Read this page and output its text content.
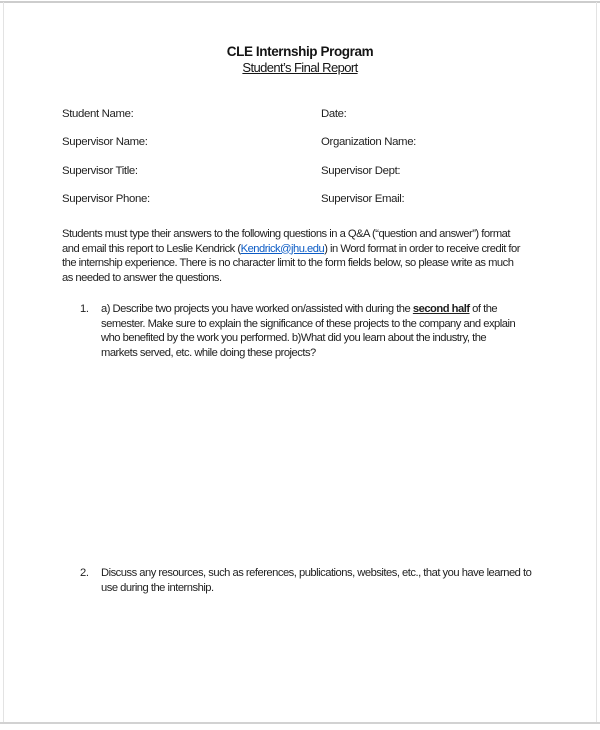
CLE Internship Program
Student’s Final Report
Student Name:	Date:
Supervisor Name:	Organization Name:
Supervisor Title:	Supervisor Dept:
Supervisor Phone:	Supervisor Email:
Students must type their answers to the following questions in a Q&A (“question and answer”) format
and email this report to Leslie Kendrick (Kendrick@jhu.edu) in Word format in order to receive credit for
the internship experience. There is no character limit to the form fields below, so please write as much
as needed to answer the questions.
1.	a) Describe two projects you have worked on/assisted with during the second half of the
semester. Make sure to explain the significance of these projects to the company and explain
who benefited by the work you performed. b)What did you learn about the industry, the
markets served, etc. while doing these projects?
2.	Discuss any resources, such as references, publications, websites, etc., that you have learned to
use during the internship.
